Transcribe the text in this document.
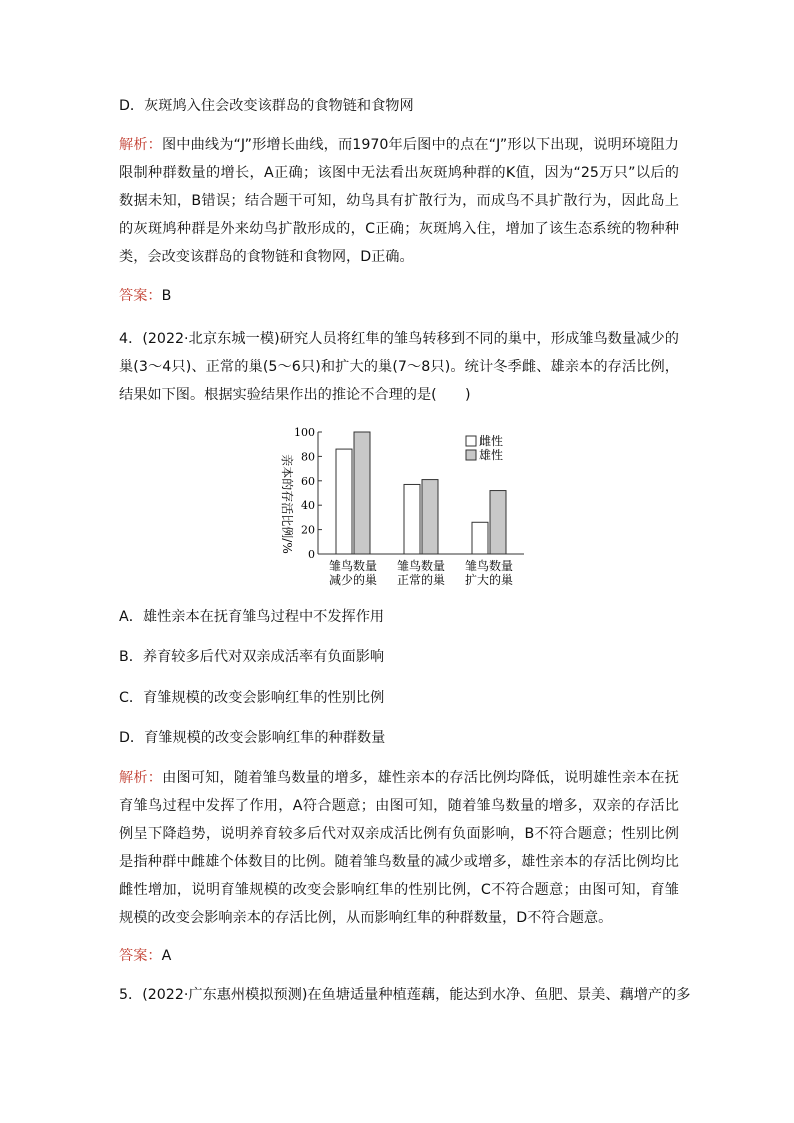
D．灰斑鸠入住会改变该群岛的食物链和食物网
解析：图中曲线为“J”形增长曲线，而1970年后图中的点在“J”形以下出现，说明环境阻力限制种群数量的增长，A正确；该图中无法看出灰斑鸠种群的K值，因为“25万只”以后的数据未知，B错误；结合题干可知，幼鸟具有扩散行为，而成鸟不具扩散行为，因此岛上的灰斑鸠种群是外来幼鸟扩散形成的，C正确；灰斑鸠入住，增加了该生态系统的物种种类，会改变该群岛的食物链和食物网，D正确。
答案：B
4．(2022·北京东城一模)研究人员将红隼的雏鸟转移到不同的巢中，形成雏鸟数量减少的巢(3～4只)、正常的巢(5～6只)和扩大的巢(7～8只)。统计冬季雌、雄亲本的存活比例，结果如下图。根据实验结果作出的推论不合理的是(　　)
亲本的存活比例/%
0
20
40
60
80
100
雏鸟数量
减少的巢
雏鸟数量
正常的巢
雏鸟数量
扩大的巢
雌性
雄性
A．雄性亲本在抚育雏鸟过程中不发挥作用
B．养育较多后代对双亲成活率有负面影响
C．育雏规模的改变会影响红隼的性别比例
D．育雏规模的改变会影响红隼的种群数量
解析：由图可知，随着雏鸟数量的增多，雄性亲本的存活比例均降低，说明雄性亲本在抚育雏鸟过程中发挥了作用，A符合题意；由图可知，随着雏鸟数量的增多，双亲的存活比例呈下降趋势，说明养育较多后代对双亲成活比例有负面影响，B不符合题意；性别比例是指种群中雌雄个体数目的比例。随着雏鸟数量的减少或增多，雄性亲本的存活比例均比雌性增加，说明育雏规模的改变会影响红隼的性别比例，C不符合题意；由图可知，育雏规模的改变会影响亲本的存活比例，从而影响红隼的种群数量，D不符合题意。
答案：A
5．(2022·广东惠州模拟预测)在鱼塘适量种植莲藕，能达到水净、鱼肥、景美、藕增产的多
